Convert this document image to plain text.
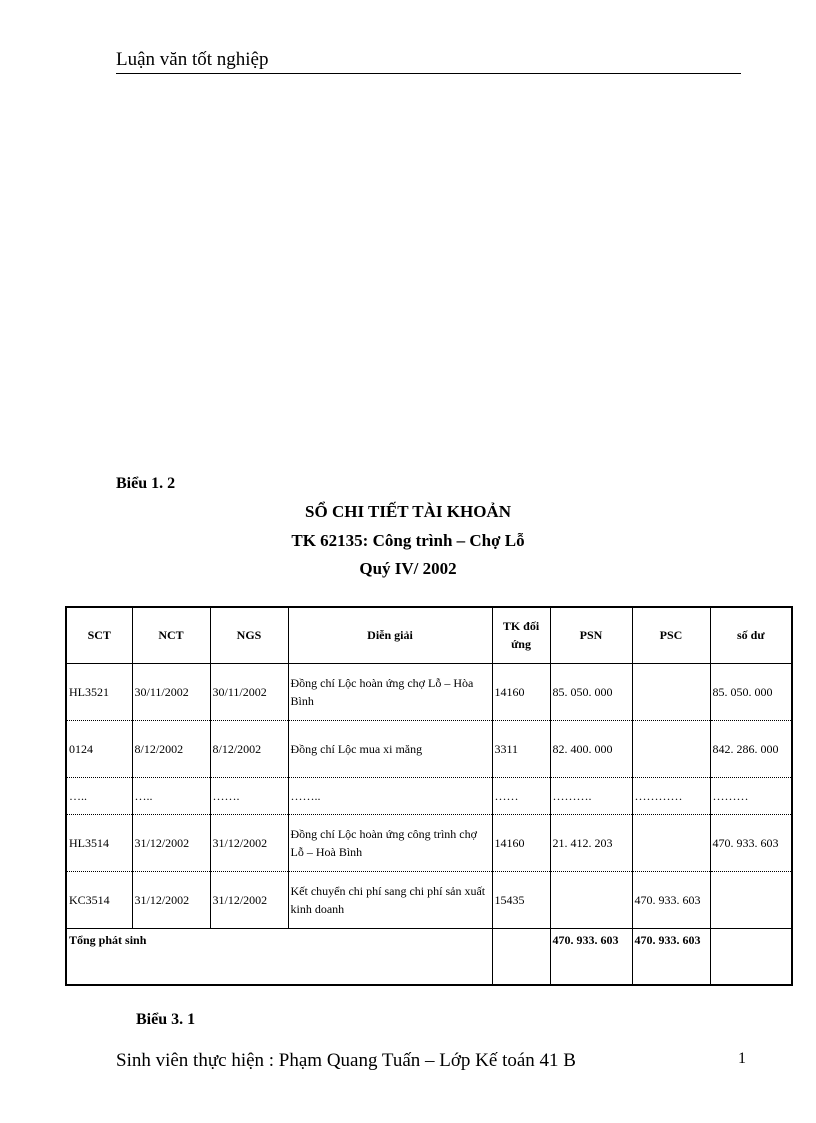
Luận văn tốt nghiệp
Biểu 1. 2
SỔ CHI TIẾT TÀI KHOẢN
TK 62135: Công trình – Chợ Lỗ
Quý IV/ 2002
SCT	NCT	NGS	Diễn giải	TK đối ứng	PSN	PSC	số dư
HL3521	30/11/2002	30/11/2002	Đồng chí Lộc hoàn ứng chợ Lỗ – Hòa Bình	14160	85. 050. 000		85. 050. 000
0124	8/12/2002	8/12/2002	Đồng chí Lộc mua xi măng	3311	82. 400. 000		842. 286. 000
…..	…..	…….	……..	……	……….	…………	………
HL3514	31/12/2002	31/12/2002	Đồng chí Lộc hoàn ứng công trình chợ Lỗ – Hoà Bình	14160	21. 412. 203		470. 933. 603
KC3514	31/12/2002	31/12/2002	Kết chuyển chi phí sang chi phí sản xuất kinh doanh	15435		470. 933. 603	
Tổng phát sinh					470. 933. 603	470. 933. 603	
Biểu 3. 1
Sinh viên thực hiện : Phạm Quang Tuấn – Lớp Kế toán 41 B	1
